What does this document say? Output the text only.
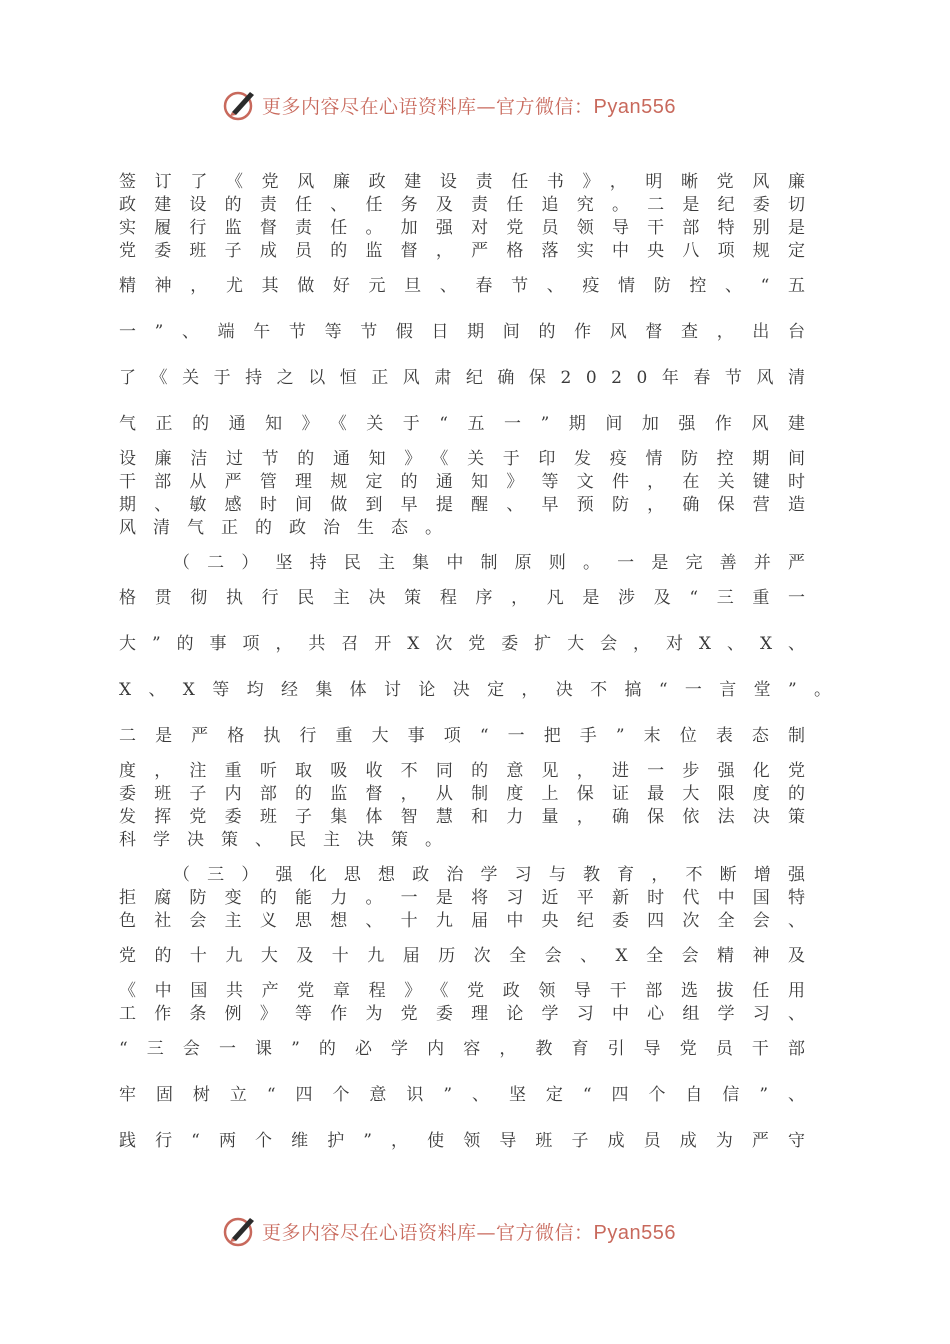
更多内容尽在心语资料库—官方微信：Pyan556
签订了《党风廉政建设责任书》，明晰党风廉
政建设的责任、任务及责任追究。二是纪委切
实履行监督责任。加强对党员领导干部特别是
党委班子成员的监督，严格落实中央八项规定
精神，尤其做好元旦、春节、疫情防控、“五
一”、端午节等节假日期间的作风督查，出台
了《关于持之以恒正风肃纪确保2020年春节风清
气正的通知》《关于“五一”期间加强作风建
设廉洁过节的通知》《关于印发疫情防控期间
干部从严管理规定的通知》等文件，在关键时
期、敏感时间做到早提醒、早预防，确保营造
风清气正的政治生态。
（二）坚持民主集中制原则。一是完善并严
格贯彻执行民主决策程序，凡是涉及“三重一
大”的事项，共召开X次党委扩大会，对X、X、
X、X等均经集体讨论决定，决不搞“一言堂”。
二是严格执行重大事项“一把手”末位表态制
度，注重听取吸收不同的意见，进一步强化党
委班子内部的监督，从制度上保证最大限度的
发挥党委班子集体智慧和力量，确保依法决策
科学决策、民主决策。
（三）强化思想政治学习与教育，不断增强
拒腐防变的能力。一是将习近平新时代中国特
色社会主义思想、十九届中央纪委四次全会、
党的十九大及十九届历次全会、X全会精神及
《中国共产党章程》《党政领导干部选拔任用
工作条例》等作为党委理论学习中心组学习、
“三会一课”的必学内容，教育引导党员干部
牢固树立“四个意识”、坚定“四个自信”、
践行“两个维护”，使领导班子成员成为严守
更多内容尽在心语资料库—官方微信：Pyan556
